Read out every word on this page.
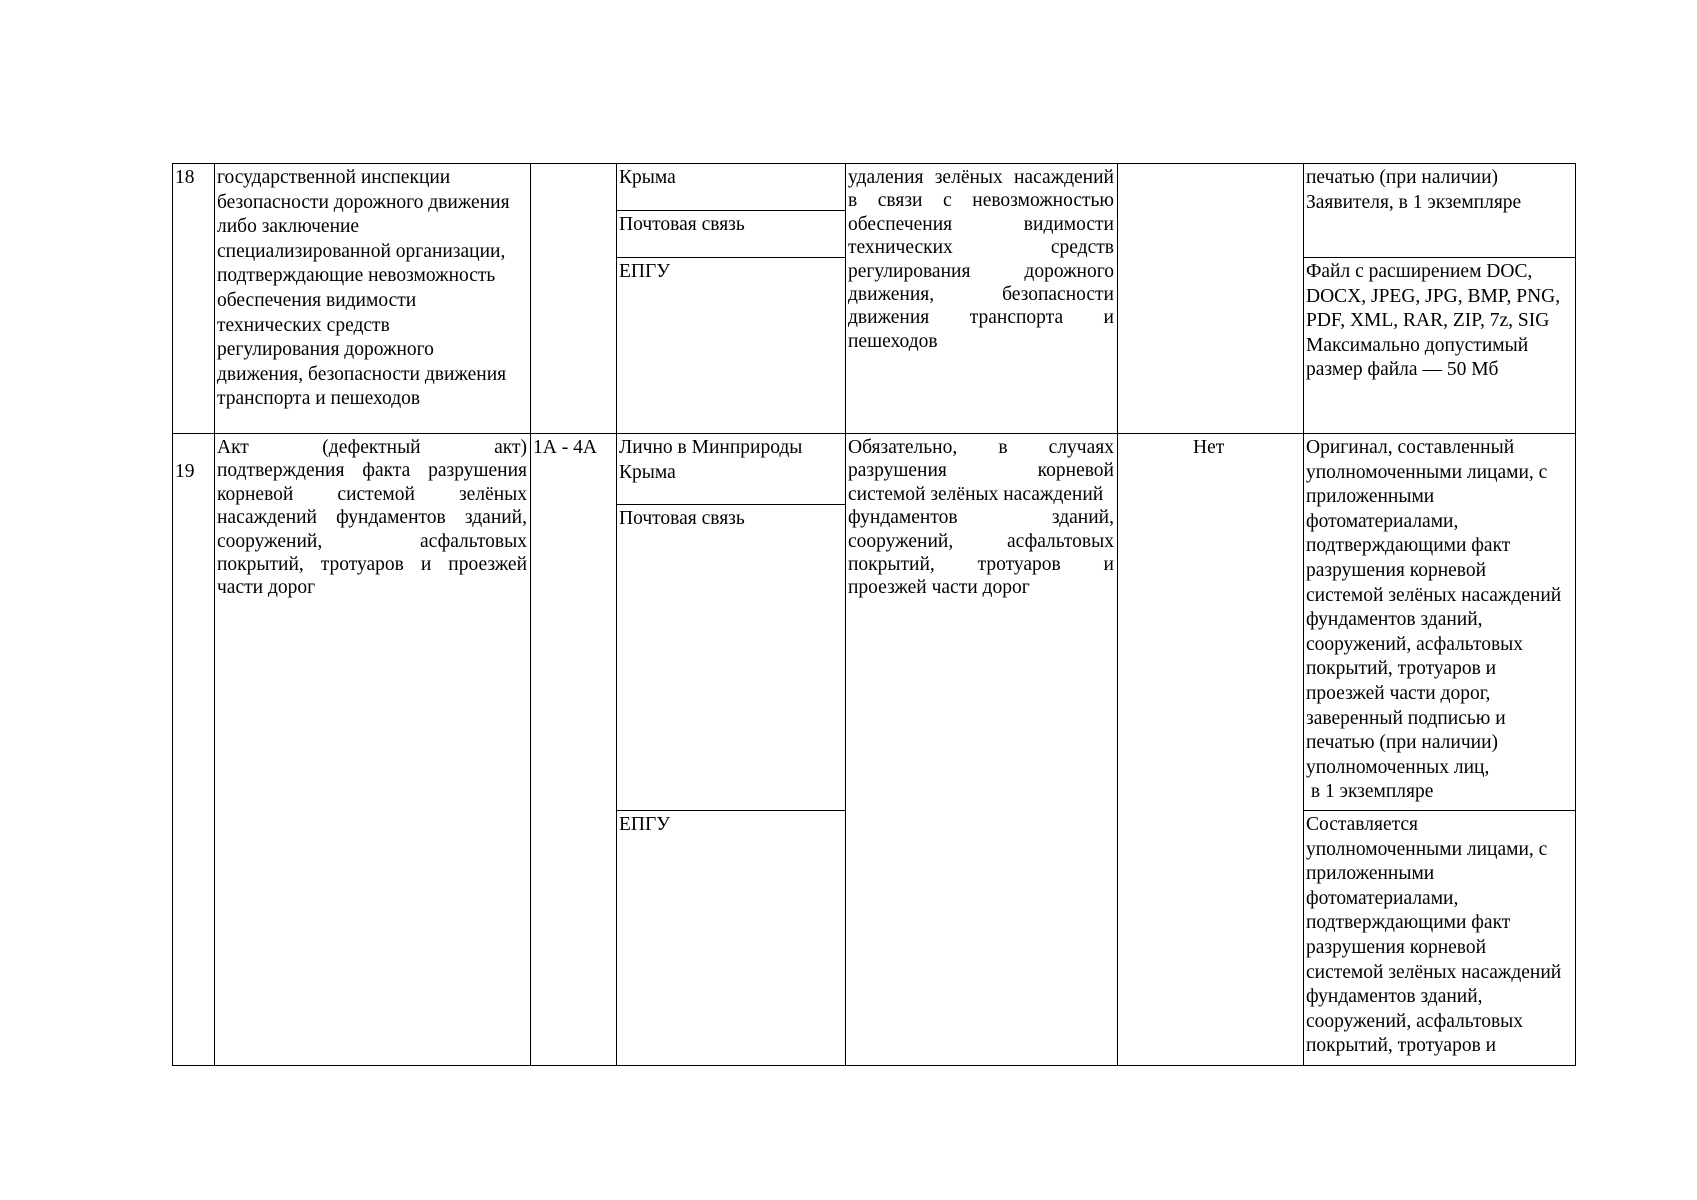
18 государственной инспекции
безопасности дорожного движения
либо заключение
специализированной организации,
подтверждающие невозможность
обеспечения видимости
технических средств
регулирования дорожного
движения, безопасности движения
транспорта и пешеходов
Крыма
Почтовая связь
ЕПГУ
удаления зелёных насаждений
в связи с невозможностью
обеспечения видимости
технических средств
регулирования дорожного
движения, безопасности
движения транспорта и
пешеходов
печатью (при наличии)
Заявителя, в 1 экземпляре
Файл с расширением DOC,
DOCX, JPEG, JPG, BMP, PNG,
PDF, XML, RAR, ZIP, 7z, SIG
Максимально допустимый
размер файла — 50 Мб
19
Акт (дефектный акт)
подтверждения факта разрушения
корневой системой зелёных
насаждений фундаментов зданий,
сооружений, асфальтовых
покрытий, тротуаров и проезжей
части дорог
1А - 4А Лично в Минприроды
Крыма
Почтовая связь
ЕПГУ
Обязательно, в случаях
разрушения корневой
системой зелёных насаждений
фундаментов зданий,
сооружений, асфальтовых
покрытий, тротуаров и
проезжей части дорог
Нет	Оригинал, составленный
уполномоченными лицами, с
приложенными
фотоматериалами,
подтверждающими факт
разрушения корневой
системой зелёных насаждений
фундаментов зданий,
сооружений, асфальтовых
покрытий, тротуаров и
проезжей части дорог,
заверенный подписью и
печатью (при наличии)
уполномоченных лиц,
в 1 экземпляре
Составляется
уполномоченными лицами, с
приложенными
фотоматериалами,
подтверждающими факт
разрушения корневой
системой зелёных насаждений
фундаментов зданий,
сооружений, асфальтовых
покрытий, тротуаров и
